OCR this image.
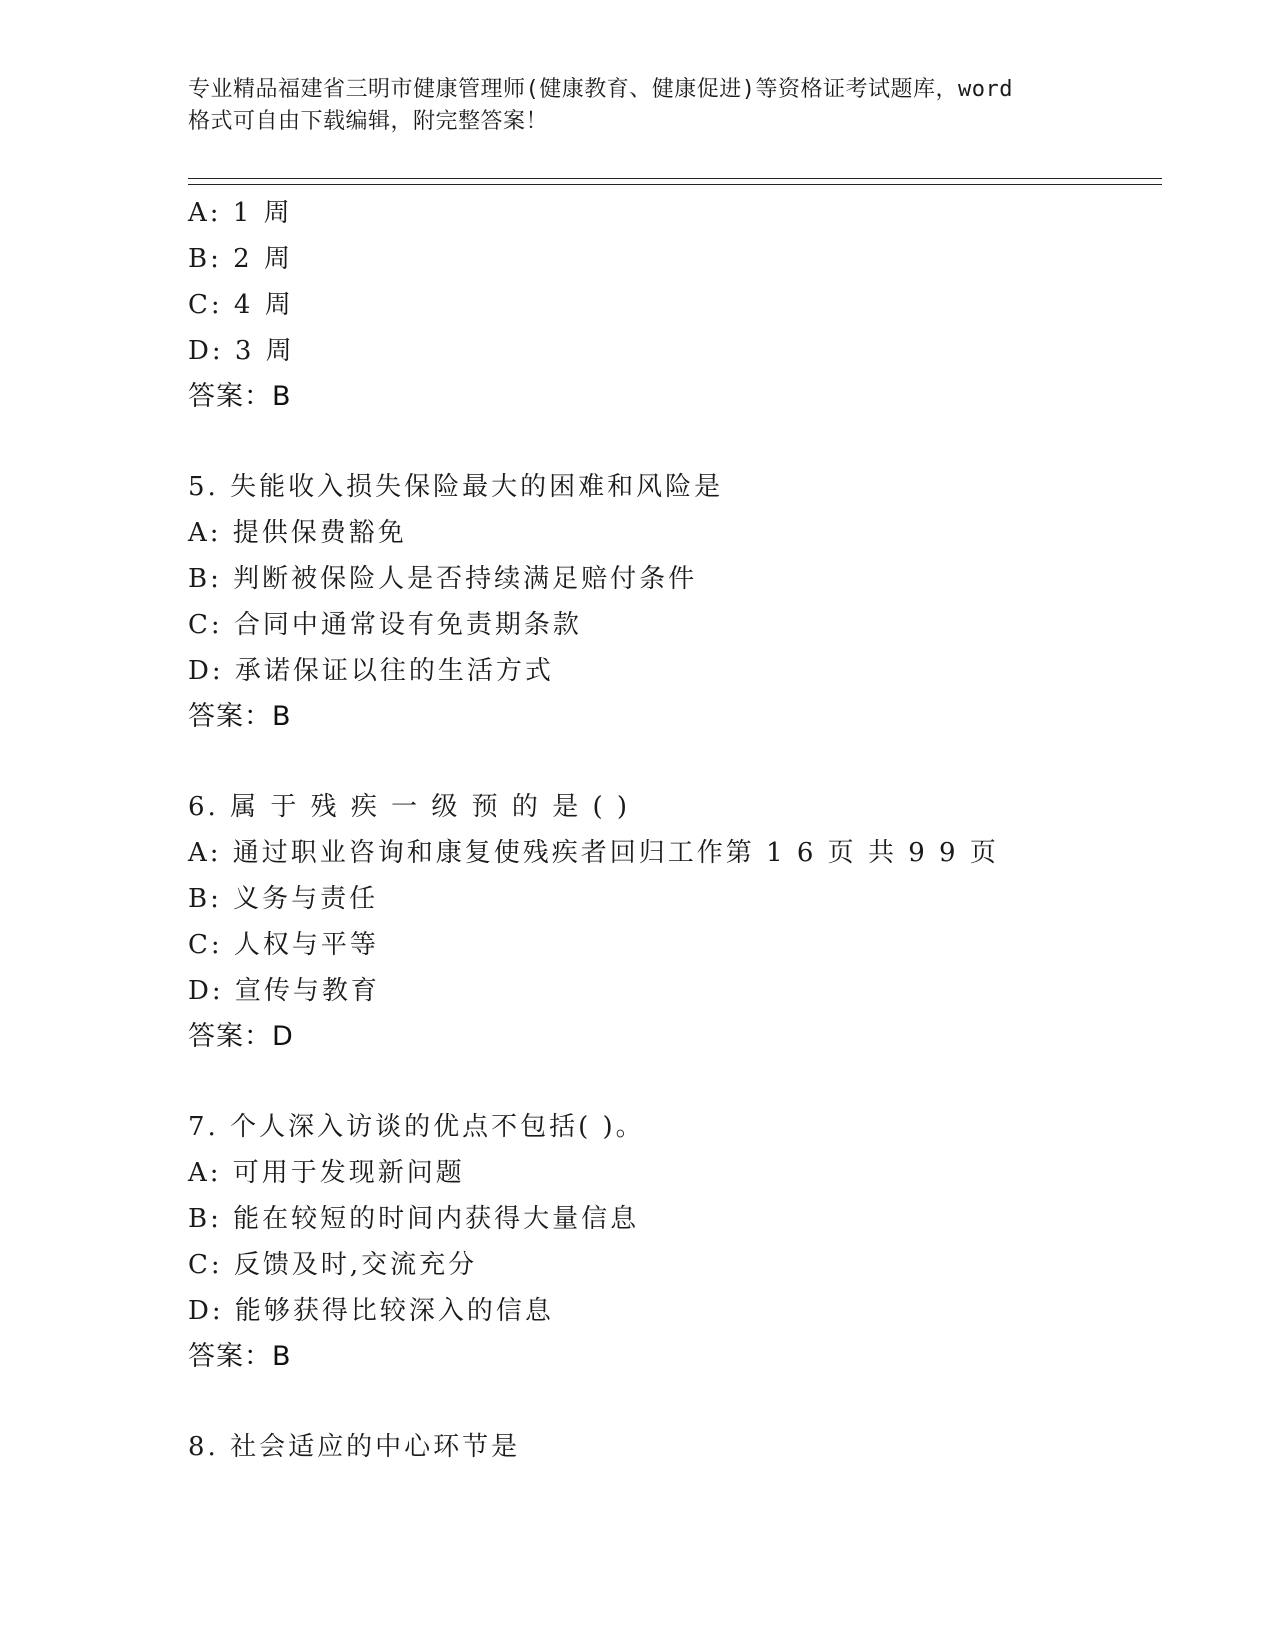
专业精品福建省三明市健康管理师(健康教育、健康促进)等资格证考试题库，word
格式可自由下载编辑，附完整答案！
A: 1 周
B: 2 周
C: 4 周
D: 3 周
答案：B
5. 失能收入损失保险最大的困难和风险是
A: 提供保费豁免
B: 判断被保险人是否持续满足赔付条件
C: 合同中通常设有免责期条款
D: 承诺保证以往的生活方式
答案：B
6. 属 于 残 疾 一 级 预 的 是 ( )
A: 通过职业咨询和康复使残疾者回归工作第 1 6 页 共 9 9 页
B: 义务与责任
C: 人权与平等
D: 宣传与教育
答案：D
7. 个人深入访谈的优点不包括( )。
A: 可用于发现新问题
B: 能在较短的时间内获得大量信息
C: 反馈及时,交流充分
D: 能够获得比较深入的信息
答案：B
8. 社会适应的中心环节是
